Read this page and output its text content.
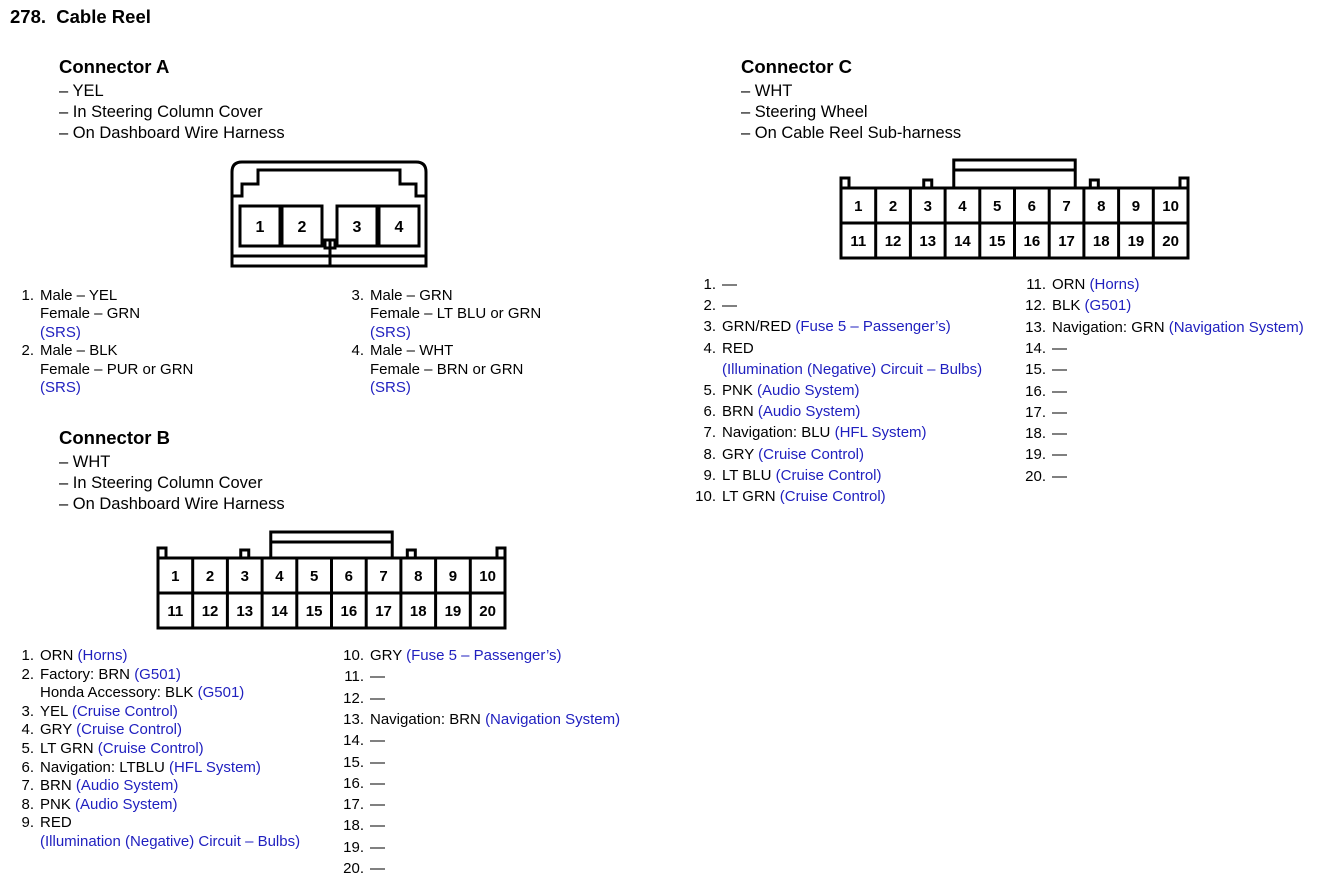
278.  Cable Reel
Connector A
– YEL
– In Steering Column Cover
– On Dashboard Wire Harness
1 2	3 4
1. Male – YEL
Female – GRN
(SRS)
2. Male – BLK
Female – PUR or GRN
(SRS)
3. Male – GRN
Female – LT BLU or GRN
(SRS)
4. Male – WHT
Female – BRN or GRN
(SRS)
Connector B
– WHT
– In Steering Column Cover
– On Dashboard Wire Harness
1 2 3 4 5 6 7 8 9 10
11 12 13 14 15 16 17 18 19 20
1. ORN (Horns)
2. Factory: BRN (G501)
Honda Accessory: BLK (G501)
3. YEL (Cruise Control)
4. GRY (Cruise Control)
5. LT GRN (Cruise Control)
6. Navigation: LTBLU (HFL System)
7. BRN (Audio System)
8. PNK (Audio System)
9. RED
(Illumination (Negative) Circuit – Bulbs)
10. GRY (Fuse 5 – Passenger’s)
11. —
12. —
13. Navigation: BRN (Navigation System)
14. —
15. —
16. —
17. —
18. —
19. —
20. —
Connector C
– WHT
– Steering Wheel
– On Cable Reel Sub-harness
1 2 3 4 5 6 7 8 9 10
11 12 13 14 15 16 17 18 19 20
1. —
2. —
3. GRN/RED (Fuse 5 – Passenger’s)
4. RED
(Illumination (Negative) Circuit – Bulbs)
5. PNK (Audio System)
6. BRN (Audio System)
7. Navigation: BLU (HFL System)
8. GRY (Cruise Control)
9. LT BLU (Cruise Control)
10. LT GRN (Cruise Control)
11. ORN (Horns)
12. BLK (G501)
13. Navigation: GRN (Navigation System)
14. —
15. —
16. —
17. —
18. —
19. —
20. —
